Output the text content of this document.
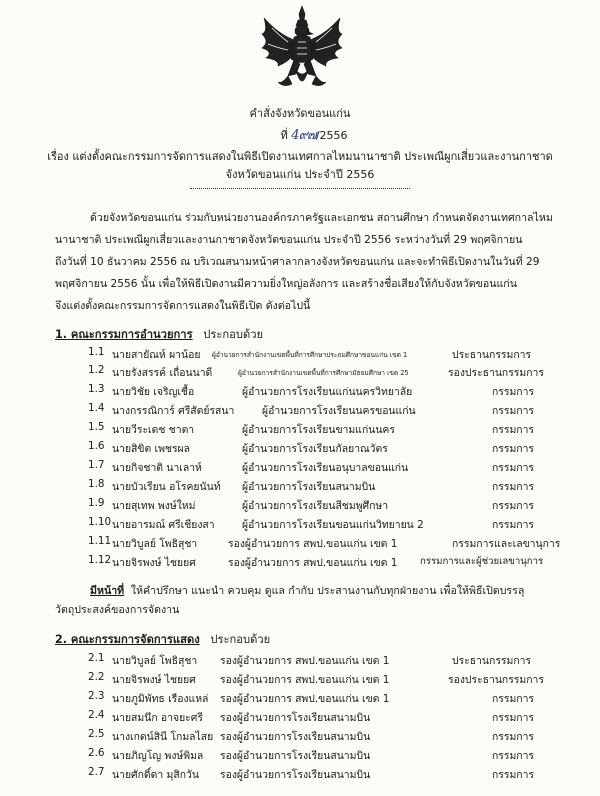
คำสั่งจังหวัดขอนแก่น
ที่ 4๙๗/2556
เรื่อง แต่งตั้งคณะกรรมการจัดการแสดงในพิธีเปิดงานเทศกาลไหมนานาชาติ ประเพณีผูกเสี่ยวและงานกาชาด
จังหวัดขอนแก่น ประจำปี 2556
ด้วยจังหวัดขอนแก่น ร่วมกับหน่วยงานองค์กรภาครัฐและเอกชน สถานศึกษา กำหนดจัดงานเทศกาลไหม
นานาชาติ ประเพณีผูกเสี่ยวและงานกาชาดจังหวัดขอนแก่น ประจำปี 2556 ระหว่างวันที่ 29 พฤศจิกายน
ถึงวันที่ 10 ธันวาคม 2556 ณ บริเวณสนามหน้าศาลากลางจังหวัดขอนแก่น และจะทำพิธีเปิดงานในวันที่ 29
พฤศจิกายน 2556 นั้น เพื่อให้พิธีเปิดงานมีความยิ่งใหญ่อลังการ และสร้างชื่อเสียงให้กับจังหวัดขอนแก่น
จึงแต่งตั้งคณะกรรมการจัดการแสดงในพิธีเปิด ดังต่อไปนี้
1. คณะกรรมการอำนวยการ ประกอบด้วย
1.1 นายสายัณห์ ผาน้อย ผู้อำนวยการสำนักงานเขตพื้นที่การศึกษาประถมศึกษาขอนแก่น เขต 1	ประธานกรรมการ
1.2 นายรังสรรค์ เถื่อนนาดี	ผู้อำนวยการสำนักงานเขตพื้นที่การศึกษามัธยมศึกษา เขต 25	รองประธานกรรมการ
1.3 นายวิชัย เจริญเชื้อ	ผู้อำนวยการโรงเรียนแก่นนครวิทยาลัย	กรรมการ
1.4 นางกรรณิการ์ ศรีสัตย์รสนา	ผู้อำนวยการโรงเรียนนครขอนแก่น	กรรมการ
1.5 นายวีระเดช ชาตา	ผู้อำนวยการโรงเรียนขามแก่นนคร	กรรมการ
1.6 นายสิขิต เพชรผล	ผู้อำนวยการโรงเรียนกัลยาณวัตร	กรรมการ
1.7 นายกิจชาติ นาเลาห์	ผู้อำนวยการโรงเรียนอนุบาลขอนแก่น	กรรมการ
1.8 นายบัวเรียน อโรคยนันท์ ผู้อำนวยการโรงเรียนสนามบิน	กรรมการ
1.9 นายสุเทพ พงษ์ใหม่	ผู้อำนวยการโรงเรียนสีชมพูศึกษา	กรรมการ
1.10 นายอารมณ์ ศรีเชียงสา	ผู้อำนวยการโรงเรียนขอนแก่นวิทยายน 2	กรรมการ
1.11 นายวิบูลย์ โพธิสุชา	รองผู้อำนวยการ สพป.ขอนแก่น เขต 1	กรรมการและเลขานุการ
1.12 นายจิรพงษ์ ไชยยศ	รองผู้อำนวยการ สพป.ขอนแก่น เขต 1 กรรมการและผู้ช่วยเลขานุการ
มีหน้าที่ ให้คำปรึกษา แนะนำ ควบคุม ดูแล กำกับ ประสานงานกับทุกฝ่ายงาน เพื่อให้พิธีเปิดบรรลุ
วัตถุประสงค์ของการจัดงาน
2. คณะกรรมการจัดการแสดง ประกอบด้วย
2.1 นายวิบูลย์ โพธิสุชา รองผู้อำนวยการ สพป.ขอนแก่น เขต 1	ประธานกรรมการ
2.2 นายจิรพงษ์ ไชยยศ รองผู้อำนวยการ สพป.ขอนแก่น เขต 1	รองประธานกรรมการ
2.3 นายภูมิพัทธ เรืองแหล่ รองผู้อำนวยการ สพป.ขอนแก่น เขต 1	กรรมการ
2.4 นายสมนึก อาจยะศรี รองผู้อำนวยการโรงเรียนสนามบิน	กรรมการ
2.5 นางเกดน์สินี โกมลไสย รองผู้อำนวยการโรงเรียนสนามบิน	กรรมการ
2.6 นายภิญโญ พงษ์พิมล รองผู้อำนวยการโรงเรียนสนามบิน	กรรมการ
2.7 นายศักดิ์ดา มุสิกวัน รองผู้อำนวยการโรงเรียนสนามบิน	กรรมการ
